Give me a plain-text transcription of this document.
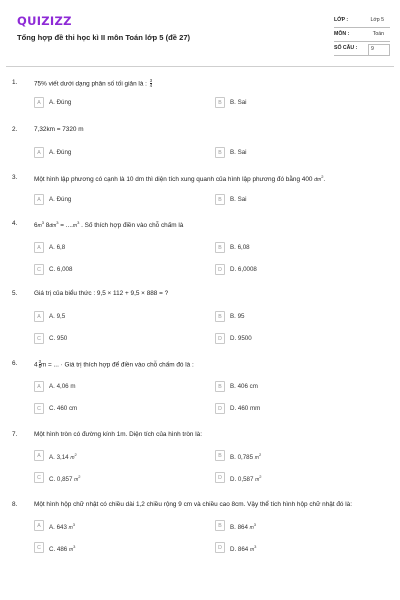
QUIZIZZ
Tổng hợp đề thi học kì II môn Toán lớp 5 (đề 27)
LỚP :	Lớp 5
MÔN :	Toán
SỐ CÂU :	9
1.	75% viết dưới dạng phân số tối giản là : $\frac{3}{4}$
A	A. Đúng	B	B. Sai
2.	7,32km = 7320 m
A	A. Đúng	B	B. Sai
3.	Một hình lập phương có cạnh là 10 dm thì diện tích xung quanh của hình lập phương đó bằng 400 $dm^2$.
A	A. Đúng	B	B. Sai
4.	$6m^3$ $8dm^3 = ....m^3$ . Số thích hợp điền vào chỗ chấm là
A	A. 6,8	B	B. 6,08
C	C. 6,008	D	D. 6,0008
5.	Giá trị của biểu thức : 9,5 × 112 + 9,5 × 888 = ?
A	A. 9,5	B	B. 95
C	C. 950	D	D. 9500
6.	$4 \frac{3}{5}$ m = ... · Giá trị thích hợp để điền vào chỗ chấm đó là :
A	A. 4,06 m	B	B. 406 cm
C	C. 460 cm	D	D. 460 mm
7.	Một hình tròn có đường kính 1m. Diện tích của hình tròn là:
A	A. 3,14 $m^2$	B	B. 0,785 $m^2$
C	C. 0,857 $m^2$	D	D. 0,587 $m^2$
8.	Một hình hộp chữ nhật có chiều dài 1,2 chiều rộng 9 cm và chiều cao 8cm. Vậy thể tích hình hộp chữ nhật đó là:
A	A. 643 $m^3$	B	B. 864 $m^3$
C	C. 486 $m^3$	D	D. 864 $m^3$
